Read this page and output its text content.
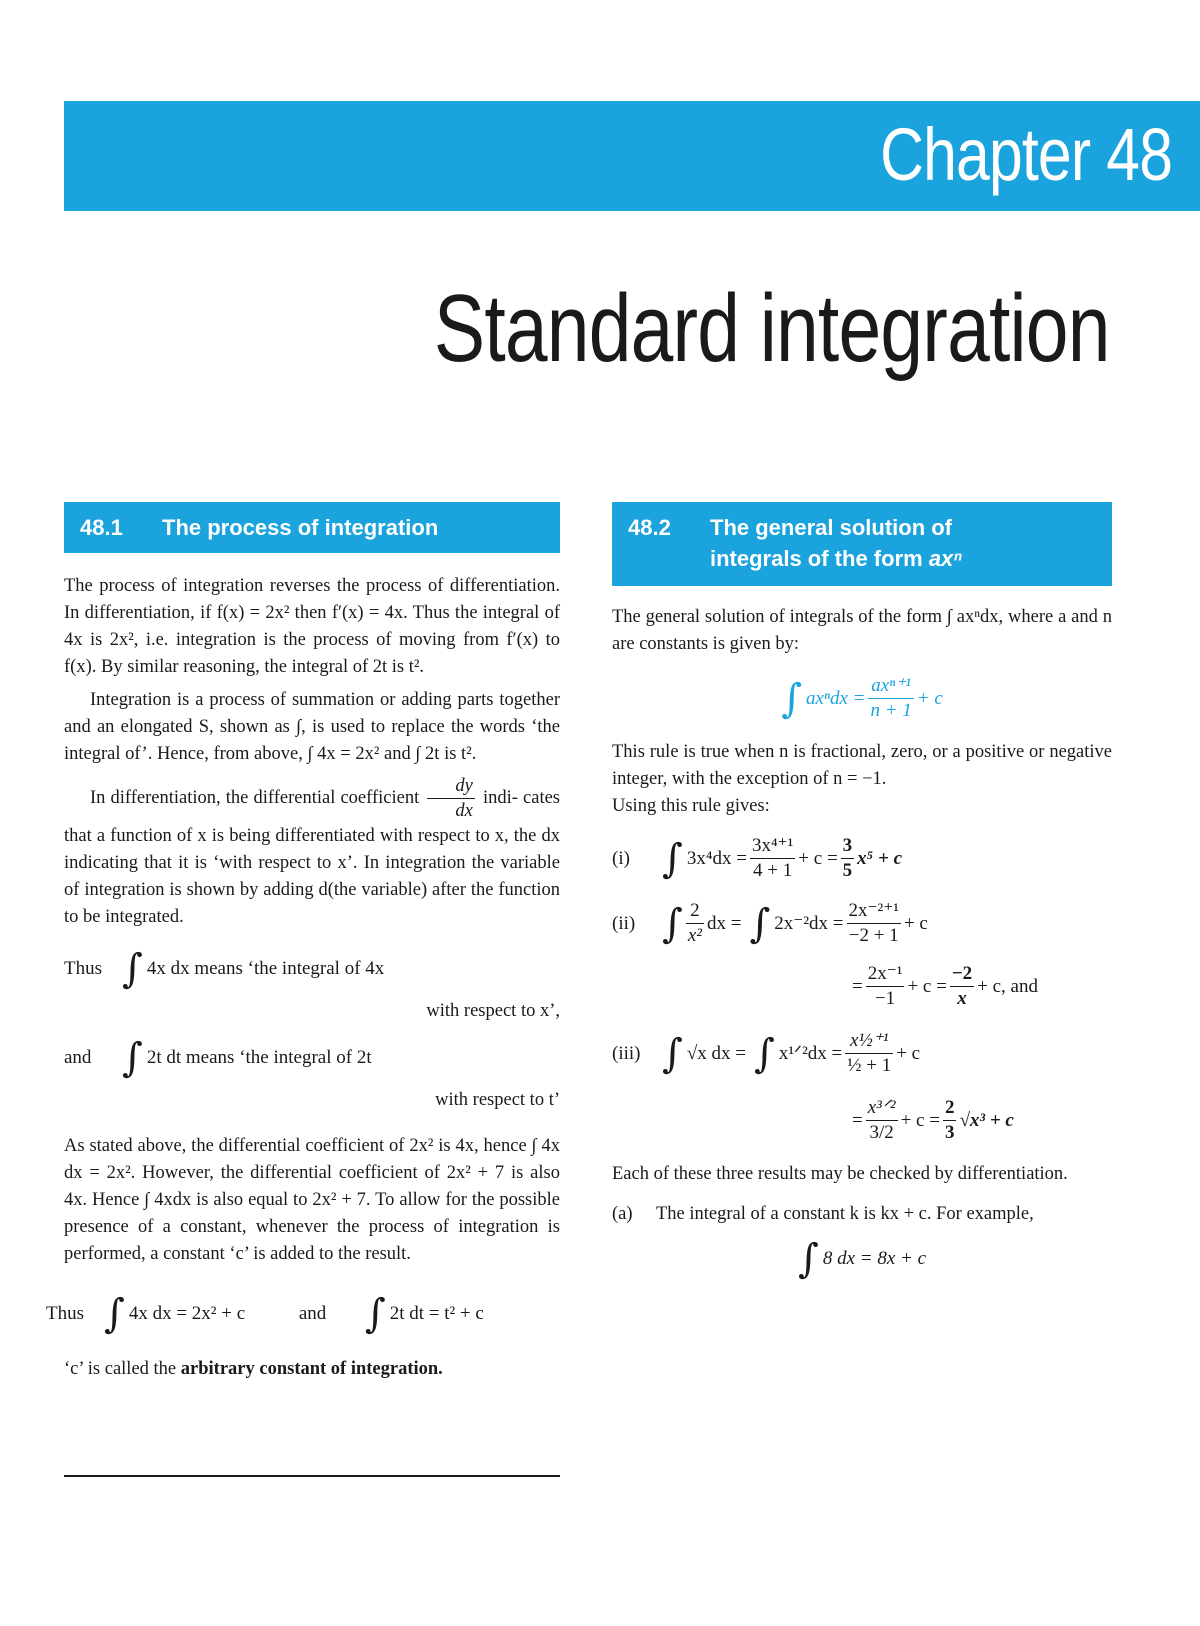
Chapter 48
Standard integration
48.1	The process of integration

The process of integration reverses the process of differentiation. In differentiation, if f(x) = 2x² then f′(x) = 4x. Thus the integral of 4x is 2x², i.e. integration is the process of moving from f′(x) to f(x). By similar reasoning, the integral of 2t is t².

Integration is a process of summation or adding parts together and an elongated S, shown as ∫, is used to replace the words ‘the integral of’. Hence, from above, ∫ 4x = 2x² and ∫ 2t is t².

In differentiation, the differential coefficient $\frac{dy}{dx}$ indi- cates that a function of x is being differentiated with respect to x, the dx indicating that it is ‘with respect to x’. In integration the variable of integration is shown by adding d(the variable) after the function to be integrated.

Thus ∫ 4x dx means ‘the integral of 4x
with respect to x’,
and ∫ 2t dt means ‘the integral of 2t
with respect to t’

As stated above, the differential coefficient of 2x² is 4x, hence ∫ 4x dx = 2x². However, the differential coefficient of 2x² + 7 is also 4x. Hence ∫ 4xdx is also equal to 2x² + 7. To allow for the possible presence of a constant, whenever the process of integration is performed, a constant ‘c’ is added to the result.

Thus ∫ 4x dx = 2x² + c	and ∫ 2t dt = t² + c

‘c’ is called the arbitrary constant of integration.

48.2	The general solution of
integrals of the form axⁿ

The general solution of integrals of the form ∫ axⁿdx, where a and n are constants is given by:

∫ $ax^ndx = \frac{\text{axⁿ⁺¹}}{n + 1} + c$

This rule is true when n is fractional, zero, or a positive or negative integer, with the exception of n = −1.

Using this rule gives:

(i) ∫ $3x^4dx = \frac{\text{3x⁴⁺¹}}{4 + 1} + c = \frac{3}{5} x^5 + c$
(ii) ∫ $\frac{2}{\text{x²}}$ dx = ∫ $2x^{-2}dx = \frac{\text{2x⁻²⁺¹}}{-2 + 1} + c$
= $\frac{\text{2x⁻¹}}{-1} + c = \frac{-2}{x} + c$, and
(iii) ∫ √x dx = ∫ x¹ᐟ²dx = $\frac{\text{x½⁺¹}}{\text{½ + 1}} + c$
= $\frac{\text{x³ᐟ²}}{3/2} + c = \frac{2}{3} √x^3 + c$

Each of these three results may be checked by differentiation.

(a)	The integral of a constant k is kx + c. For example,
∫ 8 dx = 8x + c
